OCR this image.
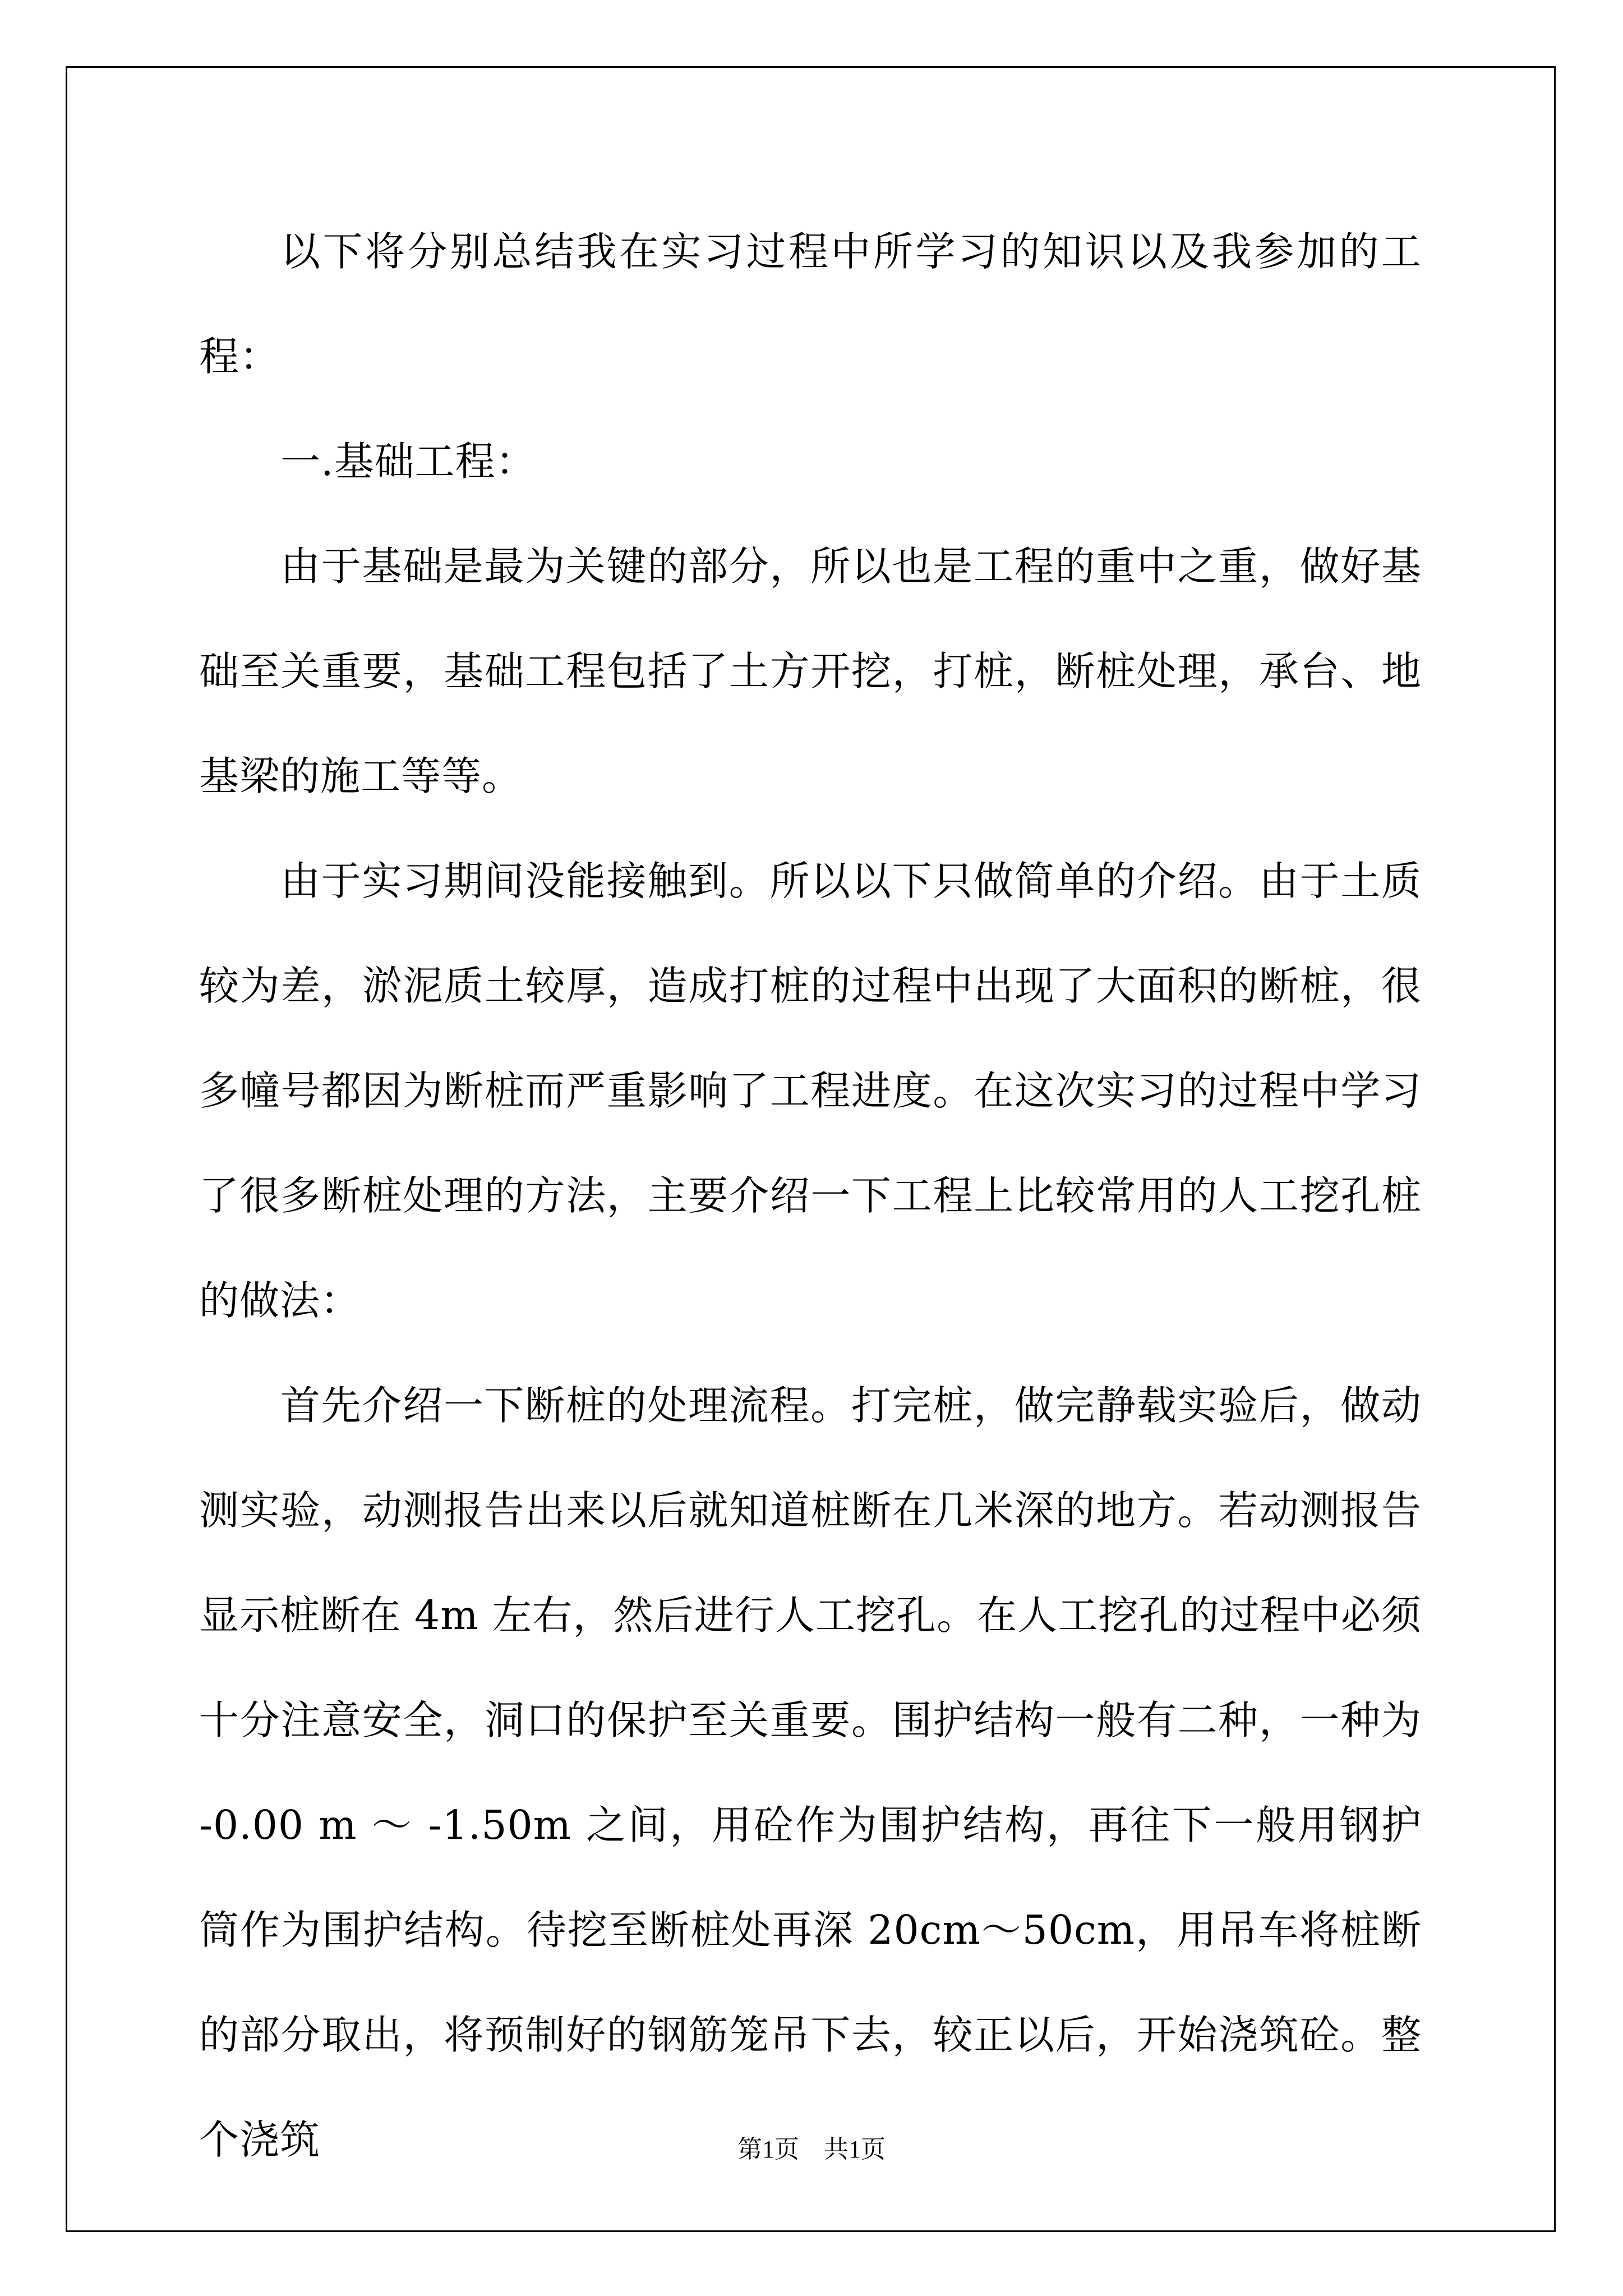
以下将分别总结我在实习过程中所学习的知识以及我参加的工程：

一.基础工程：

由于基础是最为关键的部分，所以也是工程的重中之重，做好基础至关重要，基础工程包括了土方开挖，打桩，断桩处理，承台、地基梁的施工等等。

由于实习期间没能接触到。所以以下只做简单的介绍。由于土质较为差，淤泥质土较厚，造成打桩的过程中出现了大面积的断桩，很多幢号都因为断桩而严重影响了工程进度。在这次实习的过程中学习了很多断桩处理的方法，主要介绍一下工程上比较常用的人工挖孔桩的做法：

首先介绍一下断桩的处理流程。打完桩，做完静载实验后，做动测实验，动测报告出来以后就知道桩断在几米深的地方。若动测报告显示桩断在 4m 左右，然后进行人工挖孔。在人工挖孔的过程中必须十分注意安全，洞口的保护至关重要。围护结构一般有二种，一种为 -0.00 m ～ -1.50m 之间，用砼作为围护结构，再往下一般用钢护筒作为围护结构。待挖至断桩处再深 20cm～50cm，用吊车将桩断的部分取出，将预制好的钢筋笼吊下去，较正以后，开始浇筑砼。整个浇筑	第1页    共1页
